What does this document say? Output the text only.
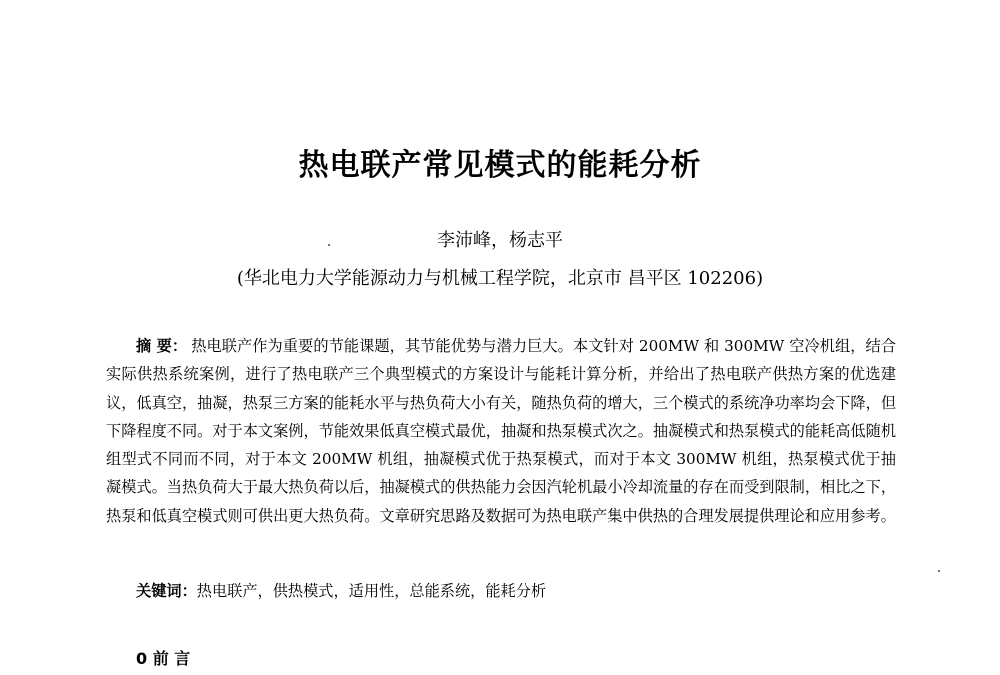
热电联产常见模式的能耗分析
李沛峰，杨志平
(华北电力大学能源动力与机械工程学院，北京市 昌平区 102206)
摘 要： 热电联产作为重要的节能课题，其节能优势与潜力巨大。本文针对 200MW 和 300MW 空冷机组，结合实际供热系统案例，进行了热电联产三个典型模式的方案设计与能耗计算分析，并给出了热电联产供热方案的优选建议，低真空，抽凝，热泵三方案的能耗水平与热负荷大小有关，随热负荷的增大，三个模式的系统净功率均会下降，但下降程度不同。对于本文案例，节能效果低真空模式最优，抽凝和热泵模式次之。抽凝模式和热泵模式的能耗高低随机组型式不同而不同，对于本文 200MW 机组，抽凝模式优于热泵模式，而对于本文 300MW 机组，热泵模式优于抽凝模式。当热负荷大于最大热负荷以后，抽凝模式的供热能力会因汽轮机最小冷却流量的存在而受到限制，相比之下，热泵和低真空模式则可供出更大热负荷。文章研究思路及数据可为热电联产集中供热的合理发展提供理论和应用参考。
关键词：热电联产，供热模式，适用性，总能系统，能耗分析
0 前 言
